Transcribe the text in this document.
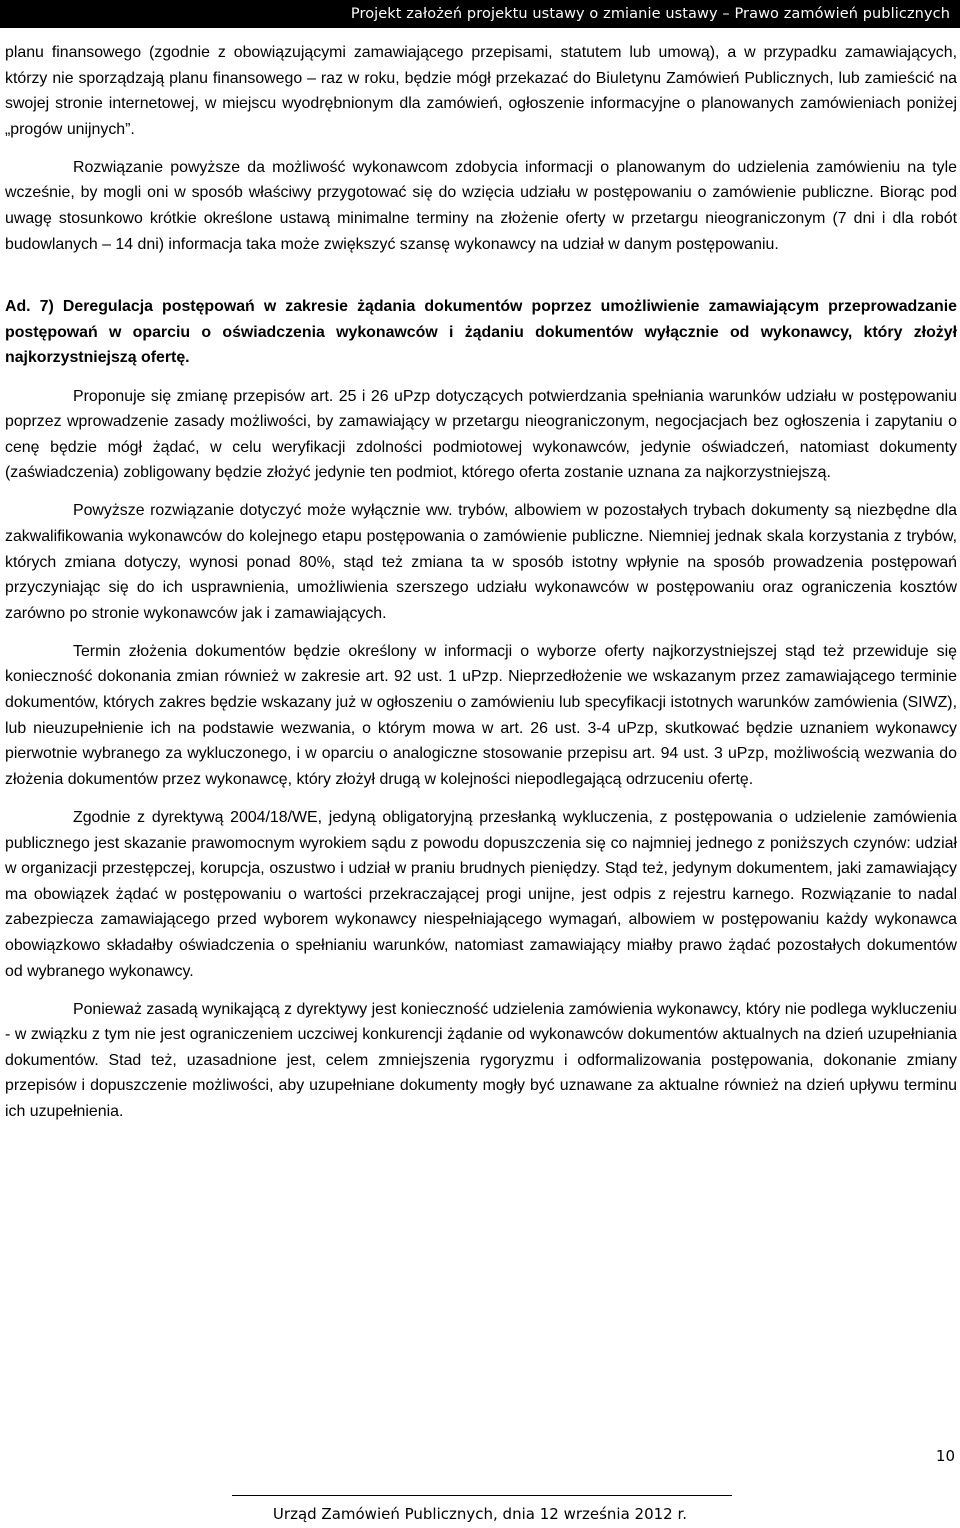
Projekt założeń projektu ustawy o zmianie ustawy – Prawo zamówień publicznych

planu finansowego (zgodnie z obowiązującymi zamawiającego przepisami, statutem lub umową), a w przypadku zamawiających, którzy nie sporządzają planu finansowego – raz w roku, będzie mógł przekazać do Biuletynu Zamówień Publicznych, lub zamieścić na swojej stronie internetowej, w miejscu wyodrębnionym dla zamówień, ogłoszenie informacyjne o planowanych zamówieniach poniżej „progów unijnych”.

Rozwiązanie powyższe da możliwość wykonawcom zdobycia informacji o planowanym do udzielenia zamówieniu na tyle wcześnie, by mogli oni w sposób właściwy przygotować się do wzięcia udziału w postępowaniu o zamówienie publiczne. Biorąc pod uwagę stosunkowo krótkie określone ustawą minimalne terminy na złożenie oferty w przetargu nieograniczonym (7 dni i dla robót budowlanych – 14 dni) informacja taka może zwiększyć szansę wykonawcy na udział w danym postępowaniu.

Ad. 7) Deregulacja postępowań w zakresie żądania dokumentów poprzez umożliwienie zamawiającym przeprowadzanie postępowań w oparciu o oświadczenia wykonawców i żądaniu dokumentów wyłącznie od wykonawcy, który złożył najkorzystniejszą ofertę.

Proponuje się zmianę przepisów art. 25 i 26 uPzp dotyczących potwierdzania spełniania warunków udziału w postępowaniu poprzez wprowadzenie zasady możliwości, by zamawiający w przetargu nieograniczonym, negocjacjach bez ogłoszenia i zapytaniu o cenę będzie mógł żądać, w celu weryfikacji zdolności podmiotowej wykonawców, jedynie oświadczeń, natomiast dokumenty (zaświadczenia) zobligowany będzie złożyć jedynie ten podmiot, którego oferta zostanie uznana za najkorzystniejszą.

Powyższe rozwiązanie dotyczyć może wyłącznie ww. trybów, albowiem w pozostałych trybach dokumenty są niezbędne dla zakwalifikowania wykonawców do kolejnego etapu postępowania o zamówienie publiczne. Niemniej jednak skala korzystania z trybów, których zmiana dotyczy, wynosi ponad 80%, stąd też zmiana ta w sposób istotny wpłynie na sposób prowadzenia postępowań przyczyniając się do ich usprawnienia, umożliwienia szerszego udziału wykonawców w postępowaniu oraz ograniczenia kosztów zarówno po stronie wykonawców jak i zamawiających.

Termin złożenia dokumentów będzie określony w informacji o wyborze oferty najkorzystniejszej stąd też przewiduje się konieczność dokonania zmian również w zakresie art. 92 ust. 1 uPzp. Nieprzedłożenie we wskazanym przez zamawiającego terminie dokumentów, których zakres będzie wskazany już w ogłoszeniu o zamówieniu lub specyfikacji istotnych warunków zamówienia (SIWZ), lub nieuzupełnienie ich na podstawie wezwania, o którym mowa w art. 26 ust. 3-4 uPzp, skutkować będzie uznaniem wykonawcy pierwotnie wybranego za wykluczonego, i w oparciu o analogiczne stosowanie przepisu art. 94 ust. 3 uPzp, możliwością wezwania do złożenia dokumentów przez wykonawcę, który złożył drugą w kolejności niepodlegającą odrzuceniu ofertę.

Zgodnie z dyrektywą 2004/18/WE, jedyną obligatoryjną przesłanką wykluczenia, z postępowania o udzielenie zamówienia publicznego jest skazanie prawomocnym wyrokiem sądu z powodu dopuszczenia się co najmniej jednego z poniższych czynów: udział w organizacji przestępczej, korupcja, oszustwo i udział w praniu brudnych pieniędzy. Stąd też, jedynym dokumentem, jaki zamawiający ma obowiązek żądać w postępowaniu o wartości przekraczającej progi unijne, jest odpis z rejestru karnego. Rozwiązanie to nadal zabezpiecza zamawiającego przed wyborem wykonawcy niespełniającego wymagań, albowiem w postępowaniu każdy wykonawca obowiązkowo składałby oświadczenia o spełnianiu warunków, natomiast zamawiający miałby prawo żądać pozostałych dokumentów od wybranego wykonawcy.

Ponieważ zasadą wynikającą z dyrektywy jest konieczność udzielenia zamówienia wykonawcy, który nie podlega wykluczeniu - w związku z tym nie jest ograniczeniem uczciwej konkurencji żądanie od wykonawców dokumentów aktualnych na dzień uzupełniania dokumentów. Stad też, uzasadnione jest, celem zmniejszenia rygoryzmu i odformalizowania postępowania, dokonanie zmiany przepisów i dopuszczenie możliwości, aby uzupełniane dokumenty mogły być uznawane za aktualne również na dzień upływu terminu ich uzupełnienia.

10
Urząd Zamówień Publicznych, dnia 12 września 2012 r.
